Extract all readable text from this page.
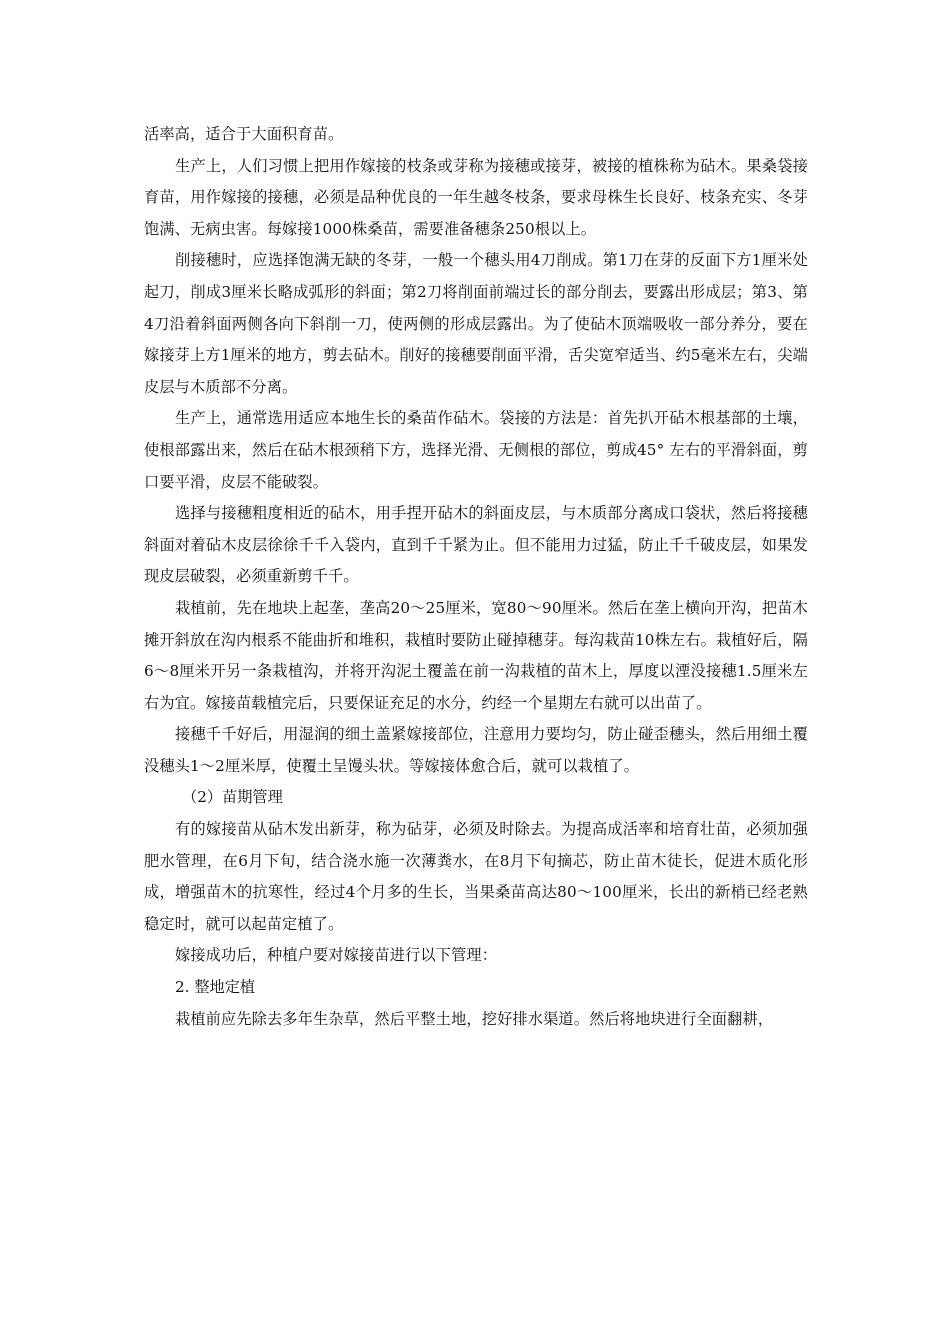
活率高，适合于大面积育苗。

生产上，人们习惯上把用作嫁接的枝条或芽称为接穗或接芽，被接的植株称为砧木。果桑袋接育苗，用作嫁接的接穗，必须是品种优良的一年生越冬枝条，要求母株生长良好、枝条充实、冬芽饱满、无病虫害。每嫁接1000株桑苗，需要准备穗条250根以上。

削接穗时，应选择饱满无缺的冬芽，一般一个穗头用4刀削成。第1刀在芽的反面下方1厘米处起刀，削成3厘米长略成弧形的斜面；第2刀将削面前端过长的部分削去，要露出形成层；第3、第4刀沿着斜面两侧各向下斜削一刀，使两侧的形成层露出。为了使砧木顶端吸收一部分养分，要在嫁接芽上方1厘米的地方，剪去砧木。削好的接穗要削面平滑，舌尖宽窄适当、约5毫米左右，尖端皮层与木质部不分离。

生产上，通常选用适应本地生长的桑苗作砧木。袋接的方法是：首先扒开砧木根基部的土壤，使根部露出来，然后在砧木根颈稍下方，选择光滑、无侧根的部位，剪成45° 左右的平滑斜面，剪口要平滑，皮层不能破裂。

选择与接穗粗度相近的砧木，用手捏开砧木的斜面皮层，与木质部分离成口袋状，然后将接穗斜面对着砧木皮层徐徐千千入袋内，直到千千紧为止。但不能用力过猛，防止千千破皮层，如果发现皮层破裂，必须重新剪千千。

栽植前，先在地块上起垄，垄高20～25厘米，宽80～90厘米。然后在垄上横向开沟，把苗木摊开斜放在沟内根系不能曲折和堆积，栽植时要防止碰掉穗芽。每沟栽苗10株左右。栽植好后，隔6～8厘米开另一条栽植沟，并将开沟泥土覆盖在前一沟栽植的苗木上，厚度以湮没接穗1.5厘米左右为宜。嫁接苗载植完后，只要保证充足的水分，约经一个星期左右就可以出苗了。

接穗千千好后，用湿润的细土盖紧嫁接部位，注意用力要均匀，防止碰歪穗头，然后用细土覆没穗头1～2厘米厚，使覆土呈馒头状。等嫁接体愈合后，就可以栽植了。

（2）苗期管理

有的嫁接苗从砧木发出新芽，称为砧芽，必须及时除去。为提高成活率和培育壮苗，必须加强肥水管理，在6月下旬，结合浇水施一次薄粪水，在8月下旬摘芯，防止苗木徒长，促进木质化形成，增强苗木的抗寒性，经过4个月多的生长，当果桑苗高达80～100厘米，长出的新梢已经老熟稳定时，就可以起苗定植了。

嫁接成功后，种植户要对嫁接苗进行以下管理：

2. 整地定植

栽植前应先除去多年生杂草，然后平整土地，挖好排水渠道。然后将地块进行全面翻耕，
